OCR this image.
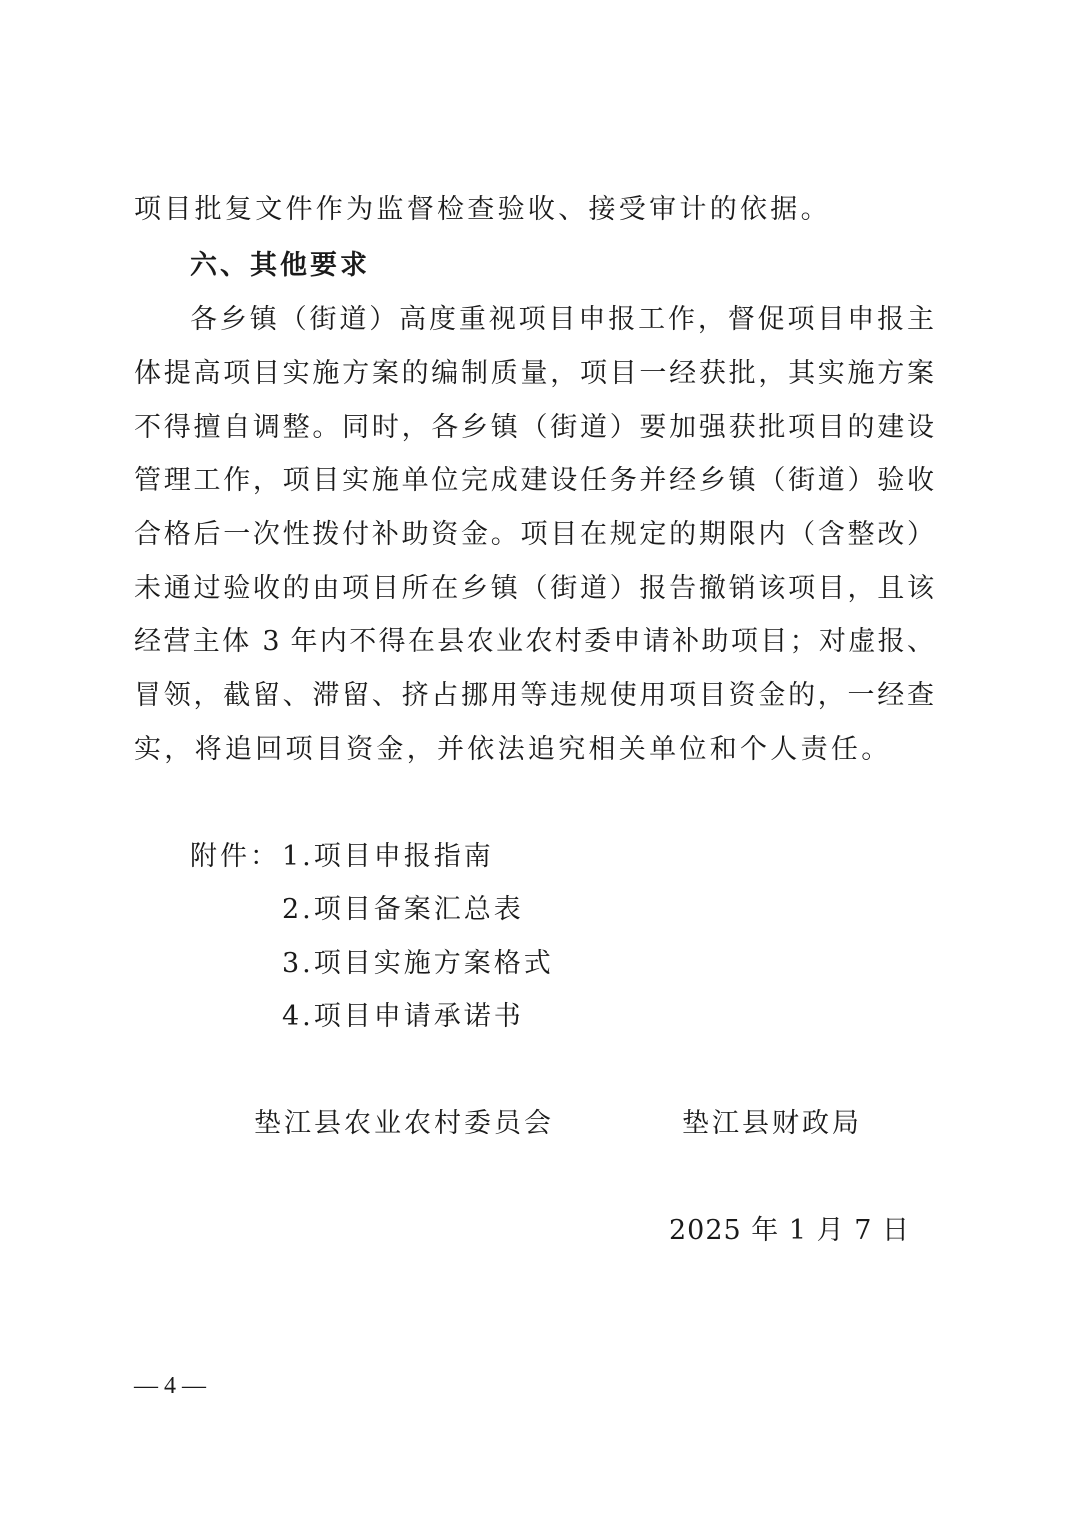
项目批复文件作为监督检查验收、接受审计的依据。
六、其他要求
各乡镇（街道）高度重视项目申报工作，督促项目申报主
体提高项目实施方案的编制质量，项目一经获批，其实施方案
不得擅自调整。同时，各乡镇（街道）要加强获批项目的建设
管理工作，项目实施单位完成建设任务并经乡镇（街道）验收
合格后一次性拨付补助资金。项目在规定的期限内（含整改）
未通过验收的由项目所在乡镇（街道）报告撤销该项目，且该
经营主体 3 年内不得在县农业农村委申请补助项目；对虚报、
冒领，截留、滞留、挤占挪用等违规使用项目资金的，一经查
实，将追回项目资金，并依法追究相关单位和个人责任。
附件： 1.项目申报指南
2.项目备案汇总表
3.项目实施方案格式
4.项目申请承诺书
垫江县农业农村委员会	垫江县财政局
2025 年 1 月 7 日
— 4 —
